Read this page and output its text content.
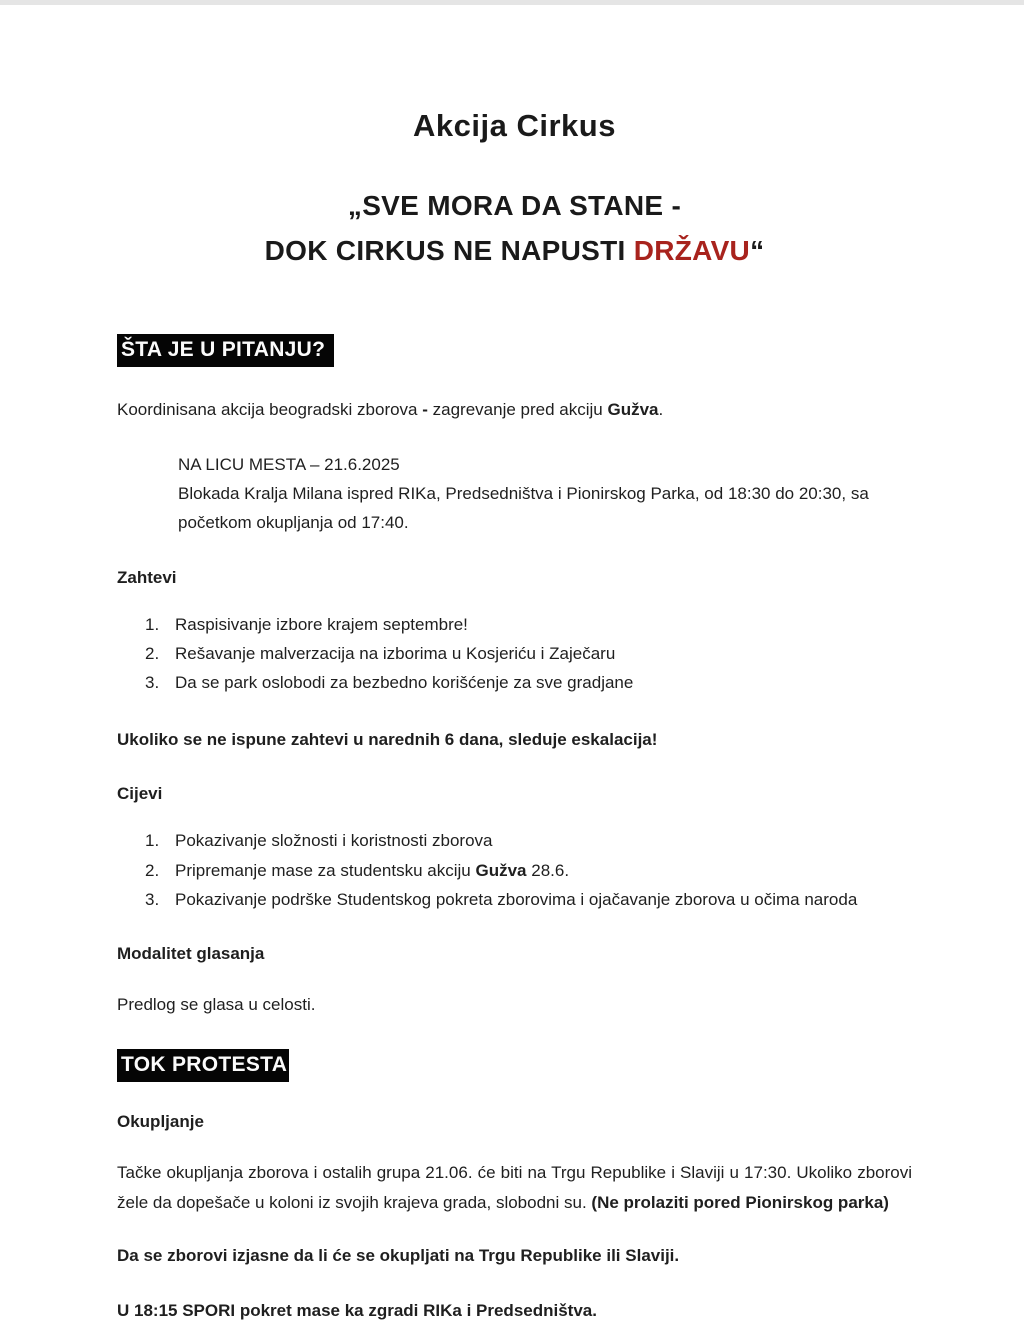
Akcija Cirkus
„SVE MORA DA STANE -
DOK CIRKUS NE NAPUSTI DRŽAVU“
ŠTA JE U PITANJU?

Koordinisana akcija beogradski zborova - zagrevanje pred akciju Gužva.

NA LICU MESTA – 21.6.2025
Blokada Kralja Milana ispred RIKa, Predsedništva i Pionirskog Parka, od 18:30 do 20:30, sa početkom okupljanja od 17:40.
Zahtevi
1. Raspisivanje izbore krajem septembre!
2. Rešavanje malverzacija na izborima u Kosjeriću i Zaječaru
3. Da se park oslobodi za bezbedno korišćenje za sve gradjane

Ukoliko se ne ispune zahtevi u narednih 6 dana, sleduje eskalacija!

Cijevi
1. Pokazivanje složnosti i koristnosti zborova
2. Pripremanje mase za studentsku akciju Gužva 28.6.
3. Pokazivanje podrške Studentskog pokreta zborovima i ojačavanje zborova u očima naroda
Modalitet glasanja

Predlog se glasa u celosti.

TOK PROTESTA
Okupljanje

Tačke okupljanja zborova i ostalih grupa 21.06. će biti na Trgu Republike i Slaviji u 17:30. Ukoliko zborovi žele da dopešače u koloni iz svojih krajeva grada, slobodni su. (Ne prolaziti pored Pionirskog parka)

Da se zborovi izjasne da li će se okupljati na Trgu Republike ili Slaviji.

U 18:15 SPORI pokret mase ka zgradi RIKa i Predsedništva.
